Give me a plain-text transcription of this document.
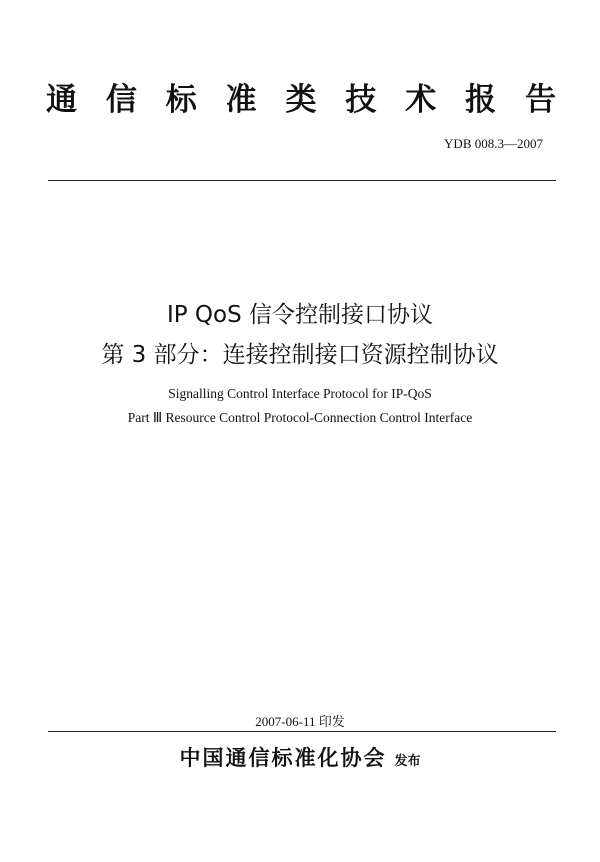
通 信 标 准 类 技 术 报 告
YDB 008.3—2007
IP QoS 信令控制接口协议
第 3 部分：连接控制接口资源控制协议
Signalling Control Interface Protocol for IP-QoS
Part Ⅲ Resource Control Protocol-Connection Control Interface
2007-06-11 印发
中国通信标准化协会 发布
